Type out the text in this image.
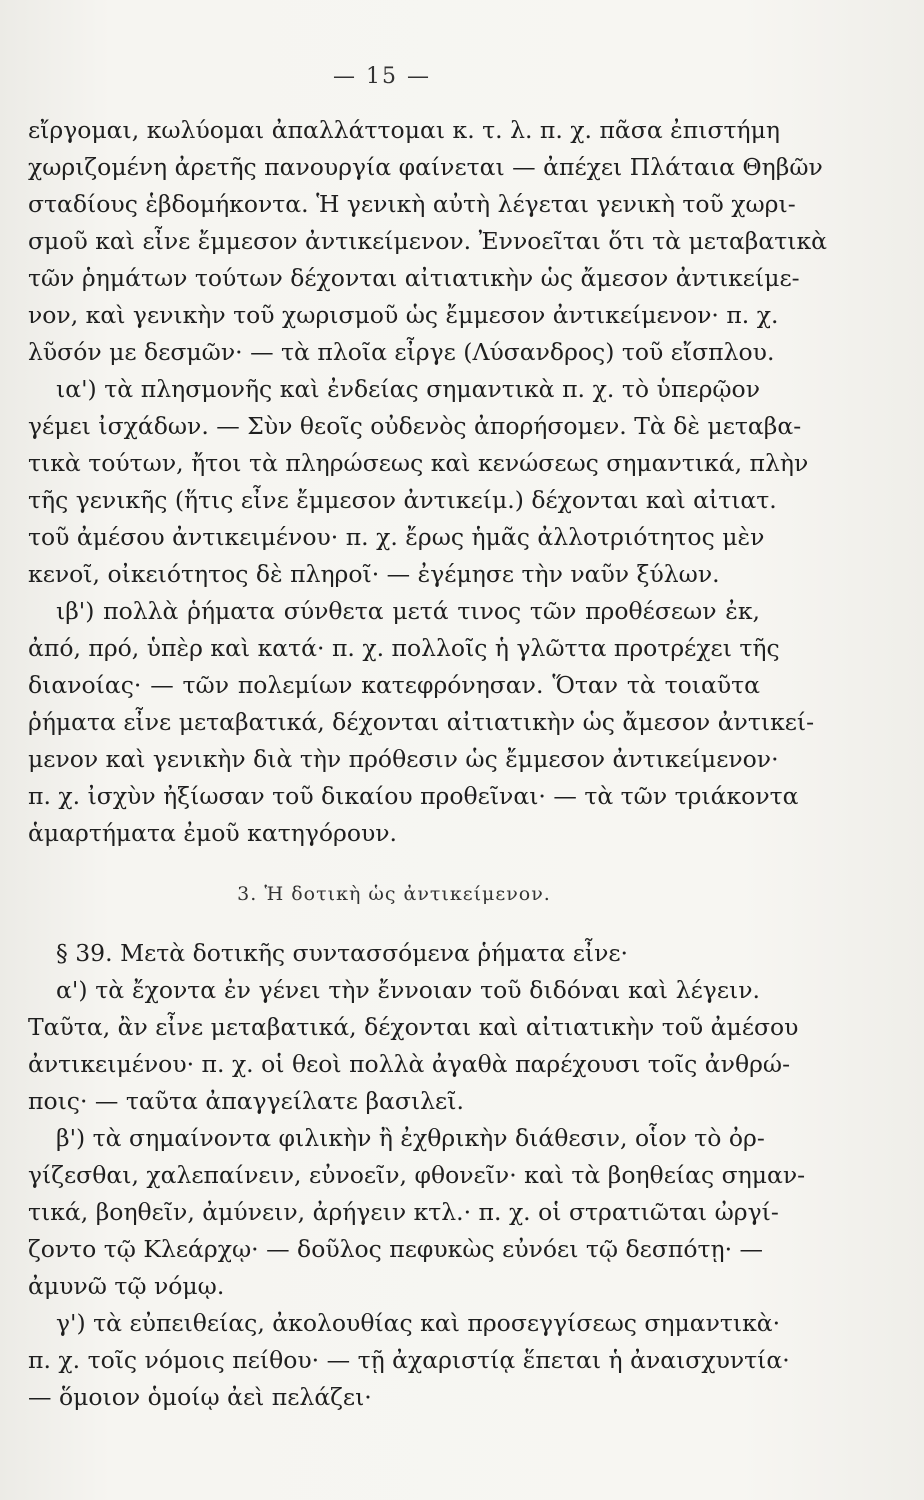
— 15 —
εἴργομαι, κωλύομαι ἀπαλλάττομαι κ. τ. λ. π. χ. πᾶσα ἐπιστήμη
χωριζομένη ἀρετῆς πανουργία φαίνεται — ἀπέχει Πλάταια Θηβῶν
σταδίους ἑβδομήκοντα. Ἡ γενικὴ αὐτὴ λέγεται γενικὴ τοῦ χωρι-
σμοῦ καὶ εἶνε ἔμμεσον ἀντικείμενον. Ἐννοεῖται ὅτι τὰ μεταβατικὰ
τῶν ῥημάτων τούτων δέχονται αἰτιατικὴν ὡς ἄμεσον ἀντικείμε-
νον, καὶ γενικὴν τοῦ χωρισμοῦ ὡς ἔμμεσον ἀντικείμενον· π. χ.
λῦσόν με δεσμῶν· — τὰ πλοῖα εἶργε (Λύσανδρος) τοῦ εἴσπλου.
ια') τὰ πλησμονῆς καὶ ἐνδείας σημαντικὰ π. χ. τὸ ὑπερῷον
γέμει ἰσχάδων. — Σὺν θεοῖς οὐδενὸς ἀπορήσομεν. Τὰ δὲ μεταβα-
τικὰ τούτων, ἤτοι τὰ πληρώσεως καὶ κενώσεως σημαντικά, πλὴν
τῆς γενικῆς (ἥτις εἶνε ἔμμεσον ἀντικείμ.) δέχονται καὶ αἰτιατ.
τοῦ ἀμέσου ἀντικειμένου· π. χ. ἔρως ἡμᾶς ἀλλοτριότητος μὲν
κενοῖ, οἰκειότητος δὲ πληροῖ· — ἐγέμησε τὴν ναῦν ξύλων.
ιβ') πολλὰ ῥήματα σύνθετα μετά τινος τῶν προθέσεων ἐκ,
ἀπό, πρό, ὑπὲρ καὶ κατά· π. χ. πολλοῖς ἡ γλῶττα προτρέχει τῆς
διανοίας· — τῶν πολεμίων κατεφρόνησαν. Ὅταν τὰ τοιαῦτα
ῥήματα εἶνε μεταβατικά, δέχονται αἰτιατικὴν ὡς ἄμεσον ἀντικεί-
μενον καὶ γενικὴν διὰ τὴν πρόθεσιν ὡς ἔμμεσον ἀντικείμενον·
π. χ. ἰσχὺν ἠξίωσαν τοῦ δικαίου προθεῖναι· — τὰ τῶν τριάκοντα
ἁμαρτήματα ἐμοῦ κατηγόρουν.
3. Ἡ δοτικὴ ὡς ἀντικείμενον.
§ 39. Μετὰ δοτικῆς συντασσόμενα ῥήματα εἶνε·
α') τὰ ἔχοντα ἐν γένει τὴν ἔννοιαν τοῦ διδόναι καὶ λέγειν.
Ταῦτα, ἂν εἶνε μεταβατικά, δέχονται καὶ αἰτιατικὴν τοῦ ἀμέσου
ἀντικειμένου· π. χ. οἱ θεοὶ πολλὰ ἀγαθὰ παρέχουσι τοῖς ἀνθρώ-
ποις· — ταῦτα ἀπαγγείλατε βασιλεῖ.
β') τὰ σημαίνοντα φιλικὴν ἢ ἐχθρικὴν διάθεσιν, οἷον τὸ ὀρ-
γίζεσθαι, χαλεπαίνειν, εὐνοεῖν, φθονεῖν· καὶ τὰ βοηθείας σημαν-
τικά, βοηθεῖν, ἀμύνειν, ἀρήγειν κτλ.· π. χ. οἱ στρατιῶται ὠργί-
ζοντο τῷ Κλεάρχῳ· — δοῦλος πεφυκὼς εὐνόει τῷ δεσπότῃ· —
ἀμυνῶ τῷ νόμῳ.
γ') τὰ εὐπειθείας, ἀκολουθίας καὶ προσεγγίσεως σημαντικὰ·
π. χ. τοῖς νόμοις πείθου· — τῇ ἀχαριστίᾳ ἕπεται ἡ ἀναισχυντία·
— ὅμοιον ὁμοίῳ ἀεὶ πελάζει·
